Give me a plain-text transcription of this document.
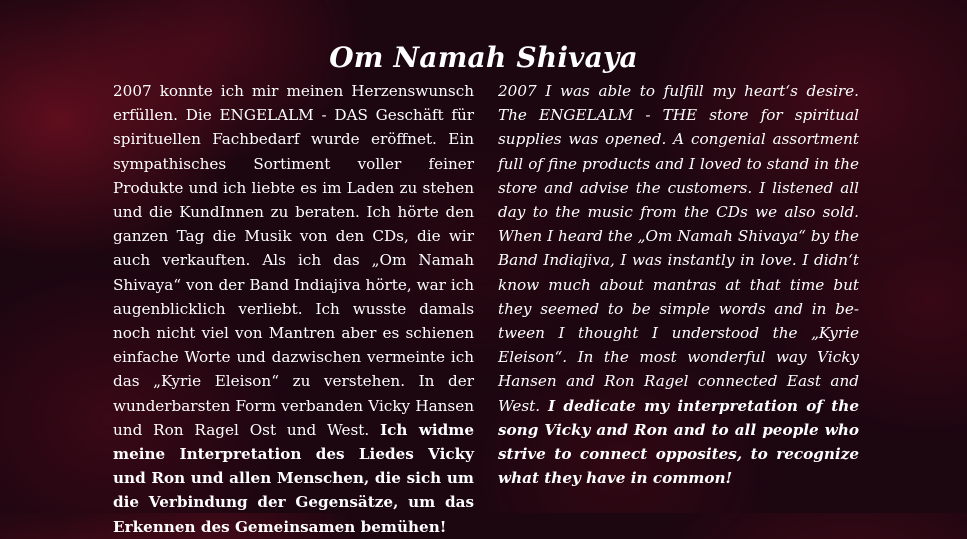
Om Namah Shivaya
2007 konnte ich mir meinen Herzenswunsch erfüllen. Die ENGELALM - DAS Geschäft für spirituellen Fachbedarf wurde eröffnet. Ein sympathisches Sortiment voller feiner Produkte und ich liebte es im Laden zu stehen und die KundInnen zu beraten. Ich hörte den ganzen Tag die Musik von den CDs, die wir auch verkauften. Als ich das „Om Namah Shivaya“ von der Band Indiajiva hörte, war ich augenblicklich verliebt. Ich wusste damals noch nicht viel von Mantren aber es schienen einfache Worte und dazwischen vermeinte ich das „Kyrie Eleison“ zu verstehen. In der wunderbarsten Form verbanden Vicky Hansen und Ron Ragel Ost und West. Ich widme meine Interpretation des Liedes Vicky und Ron und allen Menschen, die sich um die Verbindung der Gegensätze, um das Erkennen des Gemeinsamen bemühen!
2007 I was able to fulfill my heart‘s desire. The ENGELALM - THE store for spiritual supplies was opened. A congenial assortment full of fine products and I loved to stand in the store and advise the customers. I listened all day to the music from the CDs we also sold. When I heard the „Om Namah Shivaya“ by the Band Indiajiva, I was instantly in love. I didn‘t know much about mantras at that time but they seemed to be simple words and in between I thought I understood the „Kyrie Eleison“. In the most wonderful way Vicky Hansen and Ron Ragel connected East and West. I dedicate my interpretation of the song Vicky and Ron and to all people who strive to connect opposites, to recognize what they have in common!
